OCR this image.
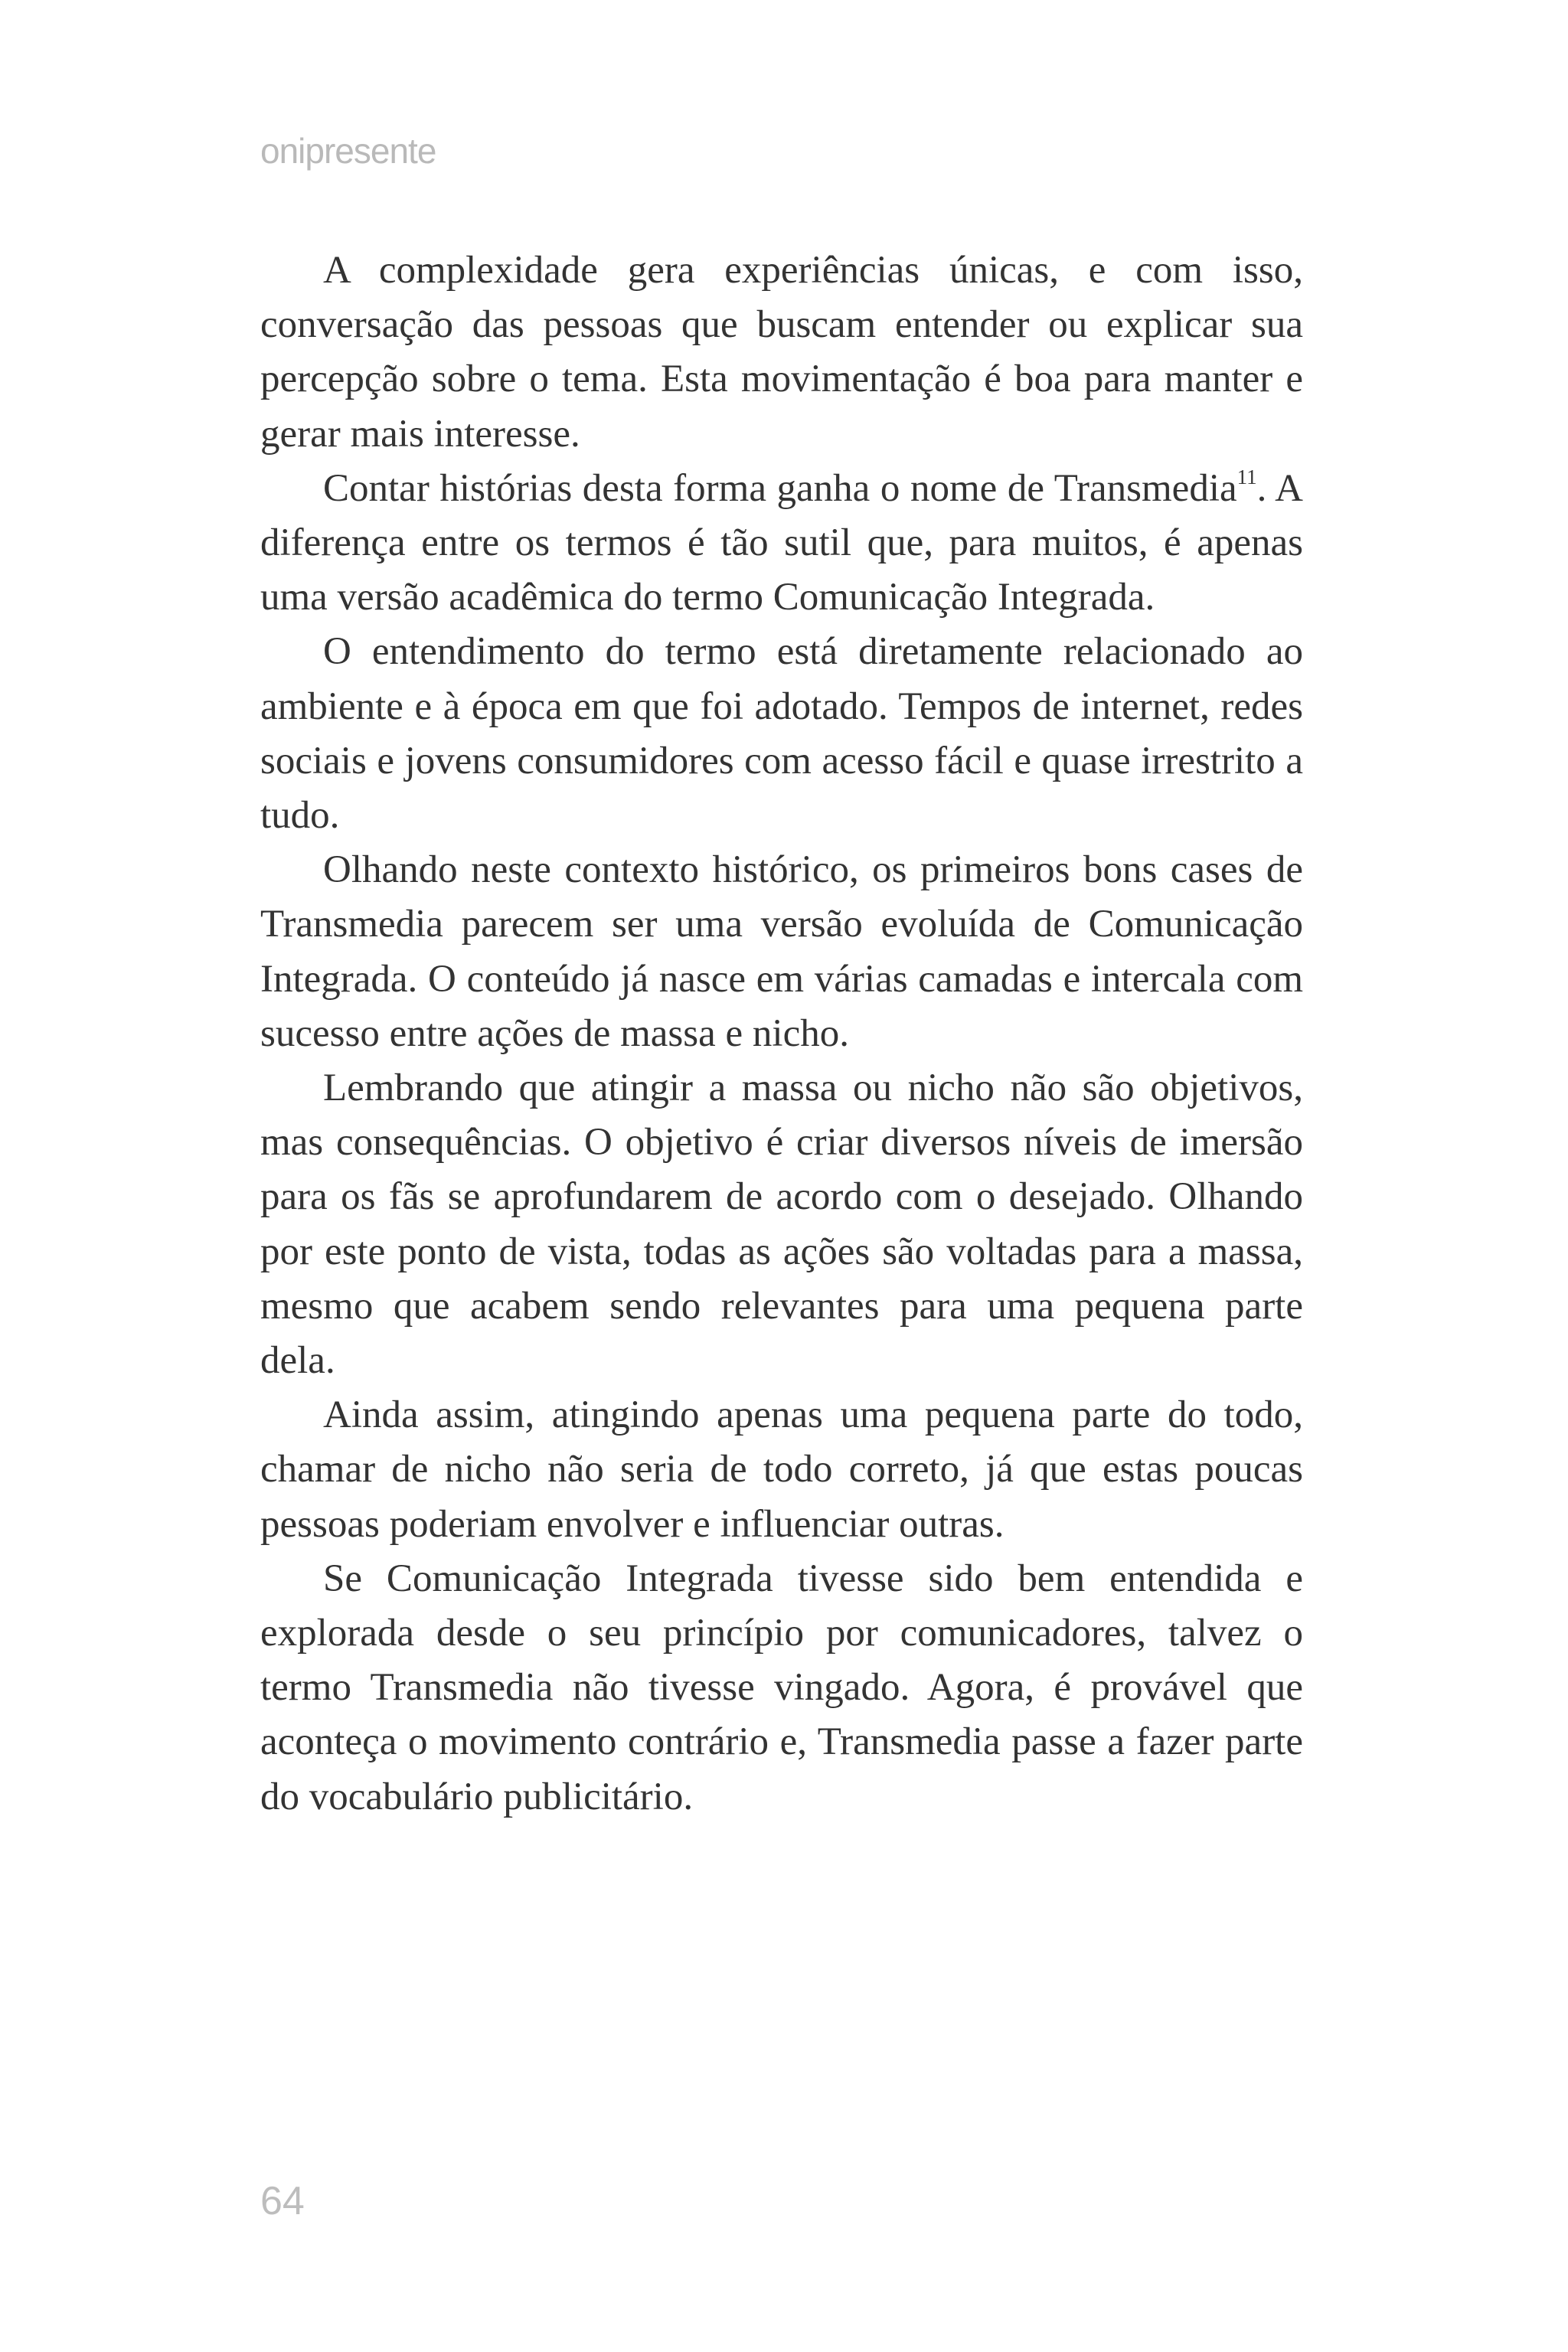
onipresente

A complexidade gera experiências únicas, e com isso, conversação das pessoas que buscam entender ou explicar sua percepção sobre o tema. Esta movimentação é boa para manter e gerar mais interesse.

Contar histórias desta forma ganha o nome de Transmedia$^{11}$. A diferença entre os termos é tão sutil que, para muitos, é apenas uma versão acadêmica do termo Comunicação Integrada.

O entendimento do termo está diretamente relacionado ao ambiente e à época em que foi adotado. Tempos de internet, redes sociais e jovens consumidores com acesso fácil e quase irrestrito a tudo.

Olhando neste contexto histórico, os primeiros bons cases de Transmedia parecem ser uma versão evoluída de Comunicação Integrada. O conteúdo já nasce em várias camadas e intercala com sucesso entre ações de massa e nicho.

Lembrando que atingir a massa ou nicho não são objetivos, mas consequências. O objetivo é criar diversos níveis de imersão para os fãs se aprofundarem de acordo com o desejado. Olhando por este ponto de vista, todas as ações são voltadas para a massa, mesmo que acabem sendo relevantes para uma pequena parte dela.

Ainda assim, atingindo apenas uma pequena parte do todo, chamar de nicho não seria de todo correto, já que estas poucas pessoas poderiam envolver e influenciar outras.

Se Comunicação Integrada tivesse sido bem entendida e explorada desde o seu princípio por comunicadores, talvez o termo Transmedia não tivesse vingado. Agora, é provável que aconteça o movimento contrário e, Transmedia passe a fazer parte do vocabulário publicitário.

64
